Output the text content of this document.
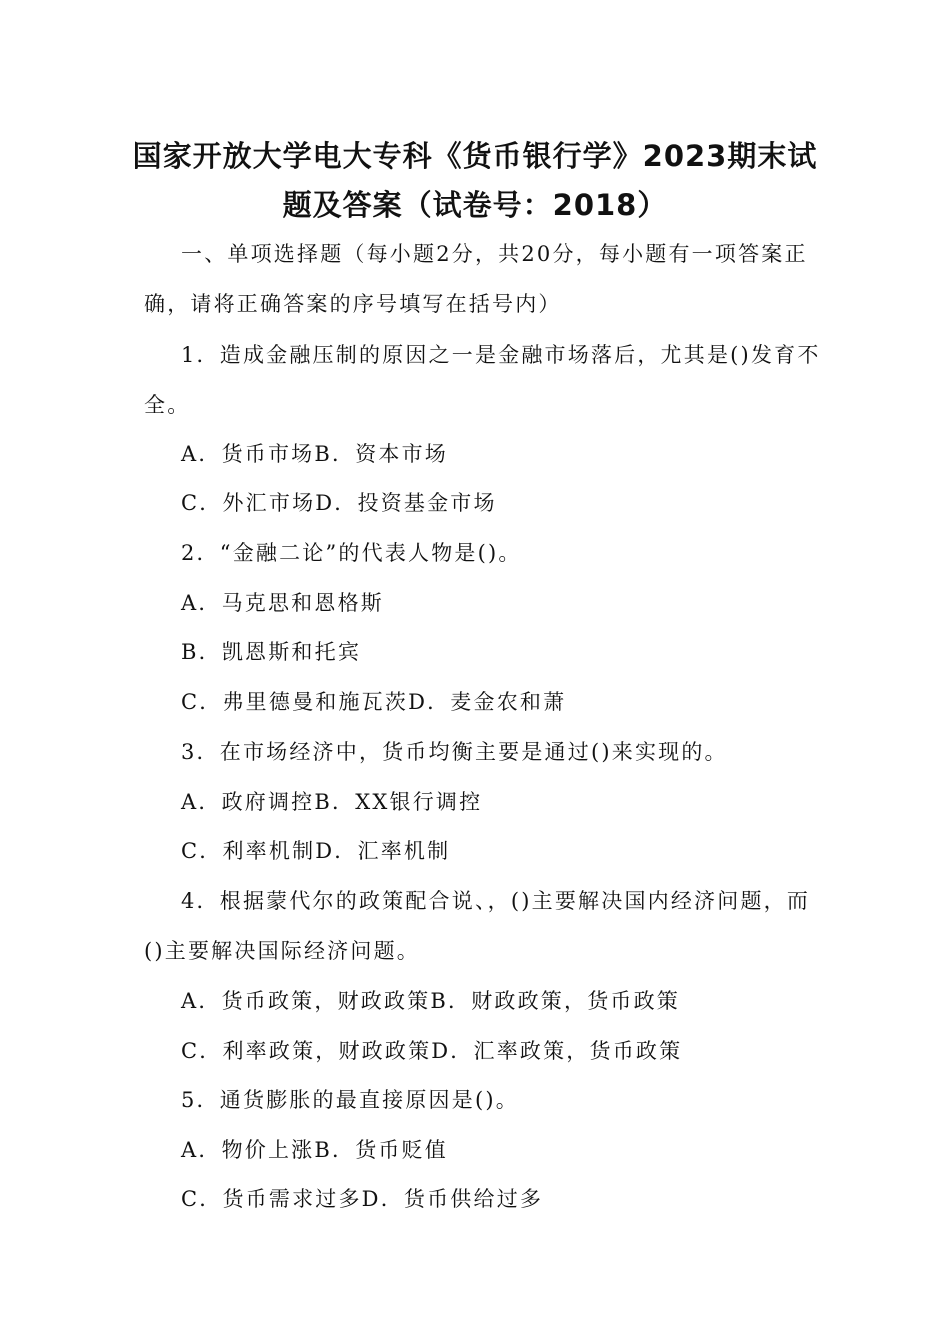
国家开放大学电大专科《货币银行学》2023期末试
题及答案（试卷号：2018）
一、单项选择题（每小题2分，共20分，每小题有一项答案正
确，请将正确答案的序号填写在括号内）
1．造成金融压制的原因之一是金融市场落后，尤其是()发育不
全。
A．货币市场B．资本市场
C．外汇市场D．投资基金市场
2．“金融二论”的代表人物是()。
A．马克思和恩格斯
B．凯恩斯和托宾
C．弗里德曼和施瓦茨D．麦金农和萧
3．在市场经济中，货币均衡主要是通过()来实现的。
A．政府调控B．XX银行调控
C．利率机制D．汇率机制
4．根据蒙代尔的政策配合说、，()主要解决国内经济问题，而
()主要解决国际经济问题。
A．货币政策，财政政策B．财政政策，货币政策
C．利率政策，财政政策D．汇率政策，货币政策
5．通货膨胀的最直接原因是()。
A．物价上涨B．货币贬值
C．货币需求过多D．货币供给过多
